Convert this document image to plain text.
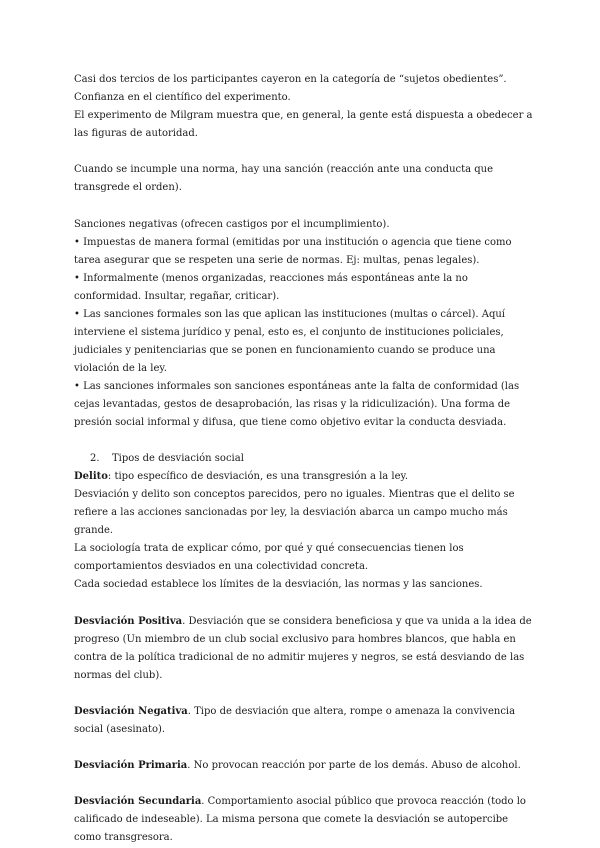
Casi dos tercios de los participantes cayeron en la categoría de “sujetos obedientes”. Confianza en el científico del experimento.

El experimento de Milgram muestra que, en general, la gente está dispuesta a obedecer a las figuras de autoridad.

Cuando se incumple una norma, hay una sanción (reacción ante una conducta que transgrede el orden).

Sanciones negativas (ofrecen castigos por el incumplimiento).

• Impuestas de manera formal (emitidas por una institución o agencia que tiene como tarea asegurar que se respeten una serie de normas. Ej: multas, penas legales).

• Informalmente (menos organizadas, reacciones más espontáneas ante la no conformidad. Insultar, regañar, criticar).

• Las sanciones formales son las que aplican las instituciones (multas o cárcel). Aquí interviene el sistema jurídico y penal, esto es, el conjunto de instituciones policiales, judiciales y penitenciarias que se ponen en funcionamiento cuando se produce una violación de la ley.

• Las sanciones informales son sanciones espontáneas ante la falta de conformidad (las cejas levantadas, gestos de desaprobación, las risas y la ridiculización). Una forma de presión social informal y difusa, que tiene como objetivo evitar la conducta desviada.

2. Tipos de desviación social

Delito: tipo específico de desviación, es una transgresión a la ley.

Desviación y delito son conceptos parecidos, pero no iguales. Mientras que el delito se refiere a las acciones sancionadas por ley, la desviación abarca un campo mucho más grande.

La sociología trata de explicar cómo, por qué y qué consecuencias tienen los comportamientos desviados en una colectividad concreta.

Cada sociedad establece los límites de la desviación, las normas y las sanciones.

Desviación Positiva. Desviación que se considera beneficiosa y que va unida a la idea de progreso (Un miembro de un club social exclusivo para hombres blancos, que habla en contra de la política tradicional de no admitir mujeres y negros, se está desviando de las normas del club).

Desviación Negativa. Tipo de desviación que altera, rompe o amenaza la convivencia social (asesinato).

Desviación Primaria. No provocan reacción por parte de los demás. Abuso de alcohol.

Desviación Secundaria. Comportamiento asocial público que provoca reacción (todo lo calificado de indeseable). La misma persona que comete la desviación se autopercibe como transgresora.
